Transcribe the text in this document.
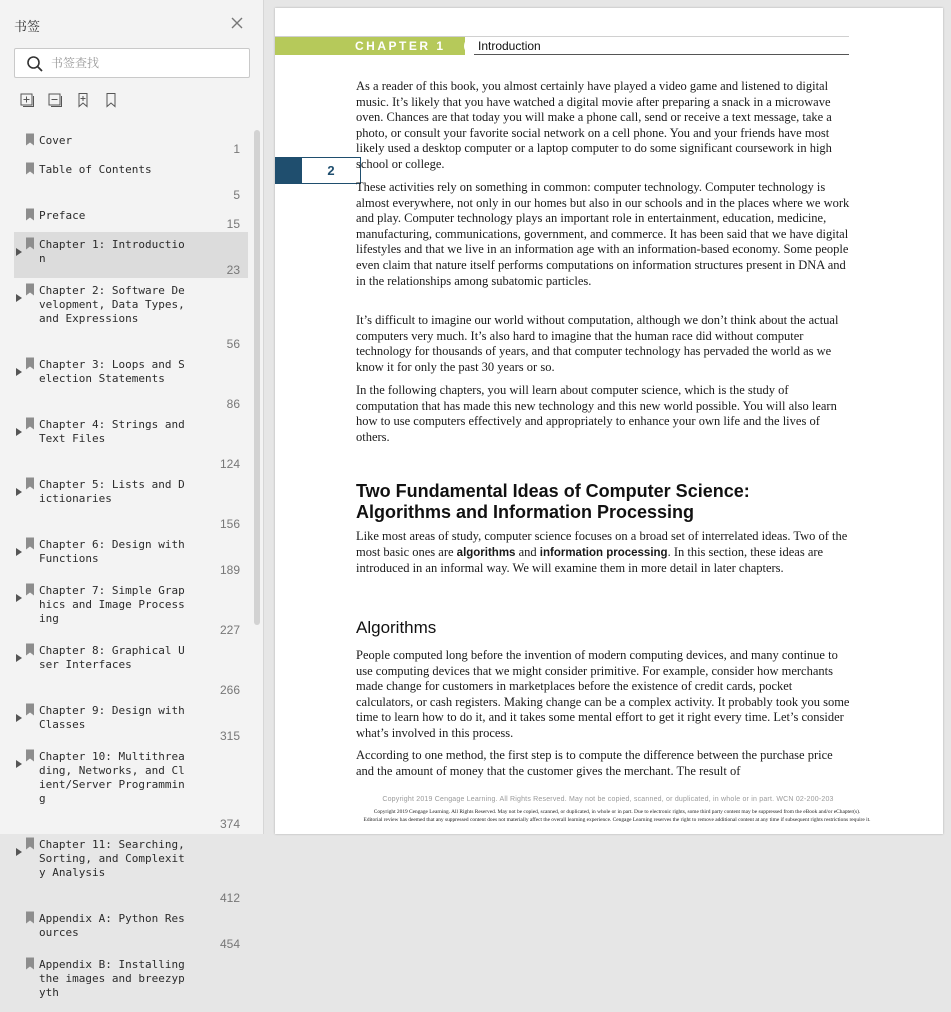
书签
书签查找
Cover
1
Table of Contents
5
Preface
15
Chapter 1: Introduction
23
Chapter 2: Software Development, Data Types, and Expressions
56
Chapter 3: Loops and Selection Statements
86
Chapter 4: Strings and Text Files
124
Chapter 5: Lists and Dictionaries
156
Chapter 6: Design with Functions
189
Chapter 7: Simple Graphics and Image Processing
227
Chapter 8: Graphical User Interfaces
266
Chapter 9: Design with Classes
315
Chapter 10: Multithreading, Networks, and Client/Server Programming
374
Chapter 11: Searching, Sorting, and Complexity Analysis
412
Appendix A: Python Resources
454
Appendix B: Installing the images and breezypyth
CHAPTER 1	Introduction
2

As a reader of this book, you almost certainly have played a video game and listened to digital music. It’s likely that you have watched a digital movie after preparing a snack in a microwave oven. Chances are that today you will make a phone call, send or receive a text message, take a photo, or consult your favorite social network on a cell phone. You and your friends have most likely used a desktop computer or a laptop computer to do some significant coursework in high school or college.

These activities rely on something in common: computer technology. Computer technology is almost everywhere, not only in our homes but also in our schools and in the places where we work and play. Computer technology plays an important role in entertainment, education, medicine, manufacturing, communications, government, and commerce. It has been said that we have digital lifestyles and that we live in an information age with an information-based economy. Some people even claim that nature itself performs computations on information structures present in DNA and in the relationships among subatomic particles.

It’s difficult to imagine our world without computation, although we don’t think about the actual computers very much. It’s also hard to imagine that the human race did without computer technology for thousands of years, and that computer technology has pervaded the world as we know it for only the past 30 years or so.

In the following chapters, you will learn about computer science, which is the study of computation that has made this new technology and this new world possible. You will also learn how to use computers effectively and appropriately to enhance your own life and the lives of others.

Two Fundamental Ideas of Computer Science:
Algorithms and Information Processing

Like most areas of study, computer science focuses on a broad set of interrelated ideas. Two of the most basic ones are algorithms and information processing. In this section, these ideas are introduced in an informal way. We will examine them in more detail in later chapters.

Algorithms

People computed long before the invention of modern computing devices, and many continue to use computing devices that we might consider primitive. For example, consider how merchants made change for customers in marketplaces before the existence of credit cards, pocket calculators, or cash registers. Making change can be a complex activity. It probably took you some time to learn how to do it, and it takes some mental effort to get it right every time. Let’s consider what’s involved in this process.

According to one method, the first step is to compute the difference between the purchase price and the amount of money that the customer gives the merchant. The result of

Copyright 2019 Cengage Learning. All Rights Reserved. May not be copied, scanned, or duplicated, in whole or in part. WCN 02-200-203
Copyright 2019 Cengage Learning. All Rights Reserved. May not be copied, scanned, or duplicated, in whole or in part. Due to electronic rights, some third party content may be suppressed from the eBook and/or eChapter(s).
Editorial review has deemed that any suppressed content does not materially affect the overall learning experience. Cengage Learning reserves the right to remove additional content at any time if subsequent rights restrictions require it.
